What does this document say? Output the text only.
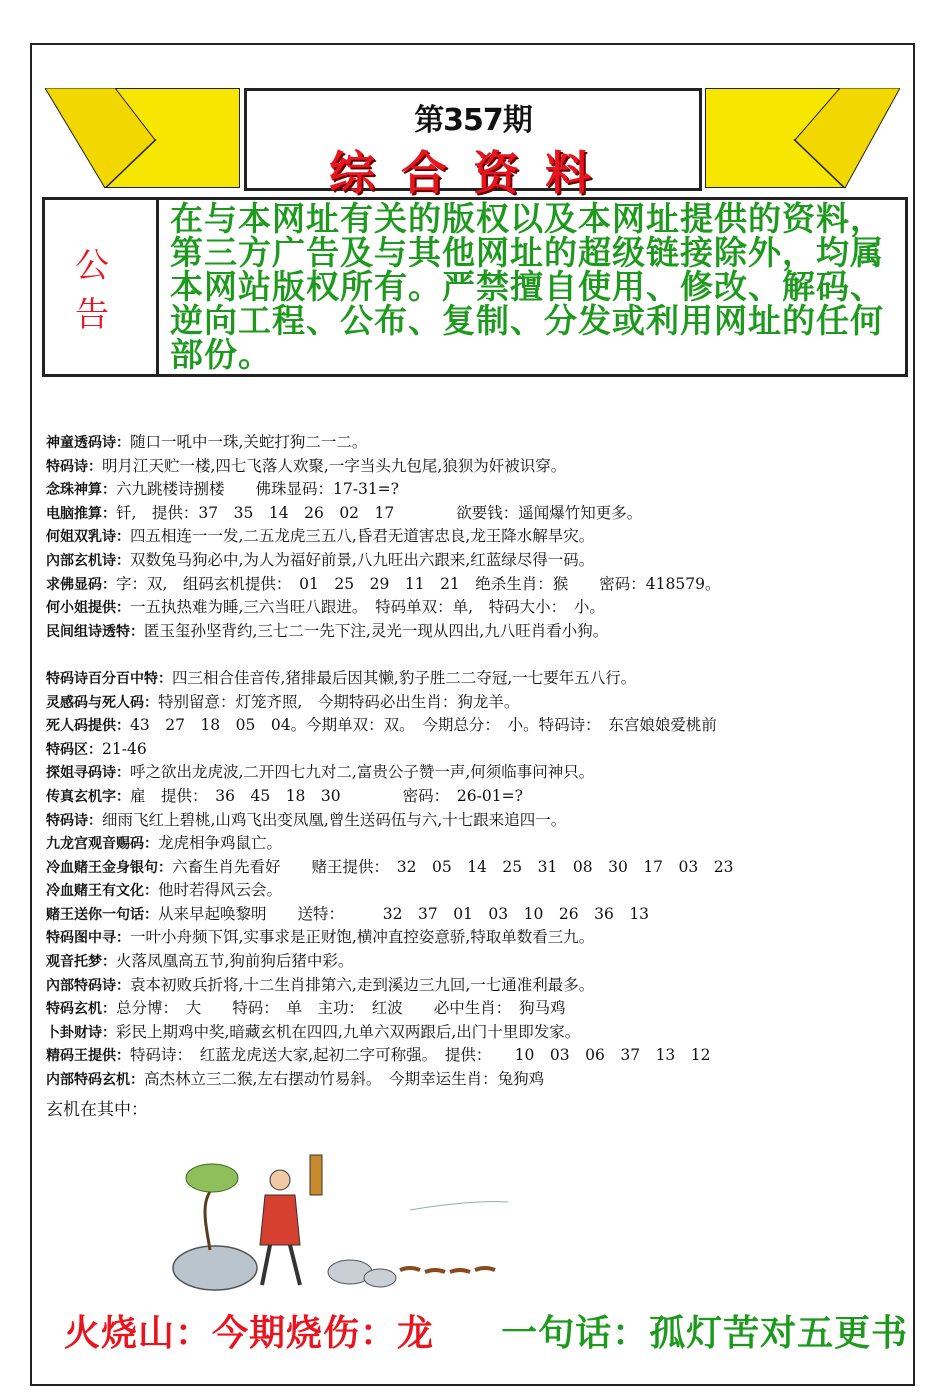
第357期
综合资料
公告
在与本网址有关的版权以及本网址提供的资料，第三方广告及与其他网址的超级链接除外，均属本网站版权所有。严禁擅自使用、修改、解码、逆向工程、公布、复制、分发或利用网址的任何部份。
神童透码诗：随口一吼中一珠,关蛇打狗二一二。
特码诗：明月江天贮一楼,四七飞落人欢聚,一字当头九包尾,狼狈为奸被识穿。
念珠神算：六九跳楼诗捌楼　　佛珠显码：17-31=?
电脑推算：钎,　提供：37　35　14　26　02　17　　　　欲要钱：遥闻爆竹知更多。
何姐双乳诗：四五相连一一发,二五龙虎三五八,昏君无道害忠良,龙王降水解旱灾。
內部玄机诗：双数兔马狗必中,为人为福好前景,八九旺出六跟来,红蓝绿尽得一码。
求佛显码：字：双,　组码玄机提供：　01　25　29　11　21　绝杀生肖：猴　　密码：418579。
何小姐提供：一五执热难为睡,三六当旺八跟进。　特码单双：单,　特码大小：　小。
民间组诗透特：匿玉玺孙坚背约,三七二一先下注,灵光一现从四出,九八旺肖看小狗。
特码诗百分百中特：四三相合佳音传,猪排最后因其懒,豹子胜二二夺冠,一七要年五八行。
灵感码与死人码：特别留意：灯笼齐照,　今期特码必出生肖：狗龙羊。
死人码提供：43　27　18　05　04。今期单双：双。　今期总分：　小。特码诗：　东宫娘娘爱桃前
特码区：21-46
探姐寻码诗：呼之欲出龙虎波,二开四七九对二,富贵公子赞一声,何须临事问神只。
传真玄机字：雇　提供：　36　45　18　30　　　　密码：　26-01=?
特码诗：细雨飞红上碧桃,山鸡飞出变凤凰,曾生送码伍与六,十七跟来追四一。
九龙宫观音赐码：龙虎相争鸡鼠亡。
冷血赌王金身银句：六畜生肖先看好　　赌王提供：　32　05　14　25　31　08　30　17　03　23
冷血赌王有文化：他时若得风云会。
赌王送你一句话：从来早起唤黎明　　送特：　　　32　37　01　03　10　26　36　13
特码图中寻：一叶小舟频下饵,实事求是正财饱,横冲直控姿意骄,特取单数看三九。
观音托梦：火落凤凰高五节,狗前狗后猪中彩。
內部特码诗：袁本初败兵折将,十二生肖排第六,走到溪边三九回,一七通准利最多。
特码玄机：总分博：　大　　特码：　单　主功：　红波　　必中生肖：　狗马鸡
卜卦财诗：彩民上期鸡中奖,暗藏玄机在四四,九单六双两跟后,出门十里即发家。
精码王提供：特码诗：　红蓝龙虎送大家,起初二字可称强。　提供：　　10　03　06　37　13　12
内部特码玄机：高杰林立三二猴,左右摆动竹易斜。　今期幸运生肖：兔狗鸡
玄机在其中：
火烧山：今期烧伤：龙 一句话：孤灯苦对五更书
